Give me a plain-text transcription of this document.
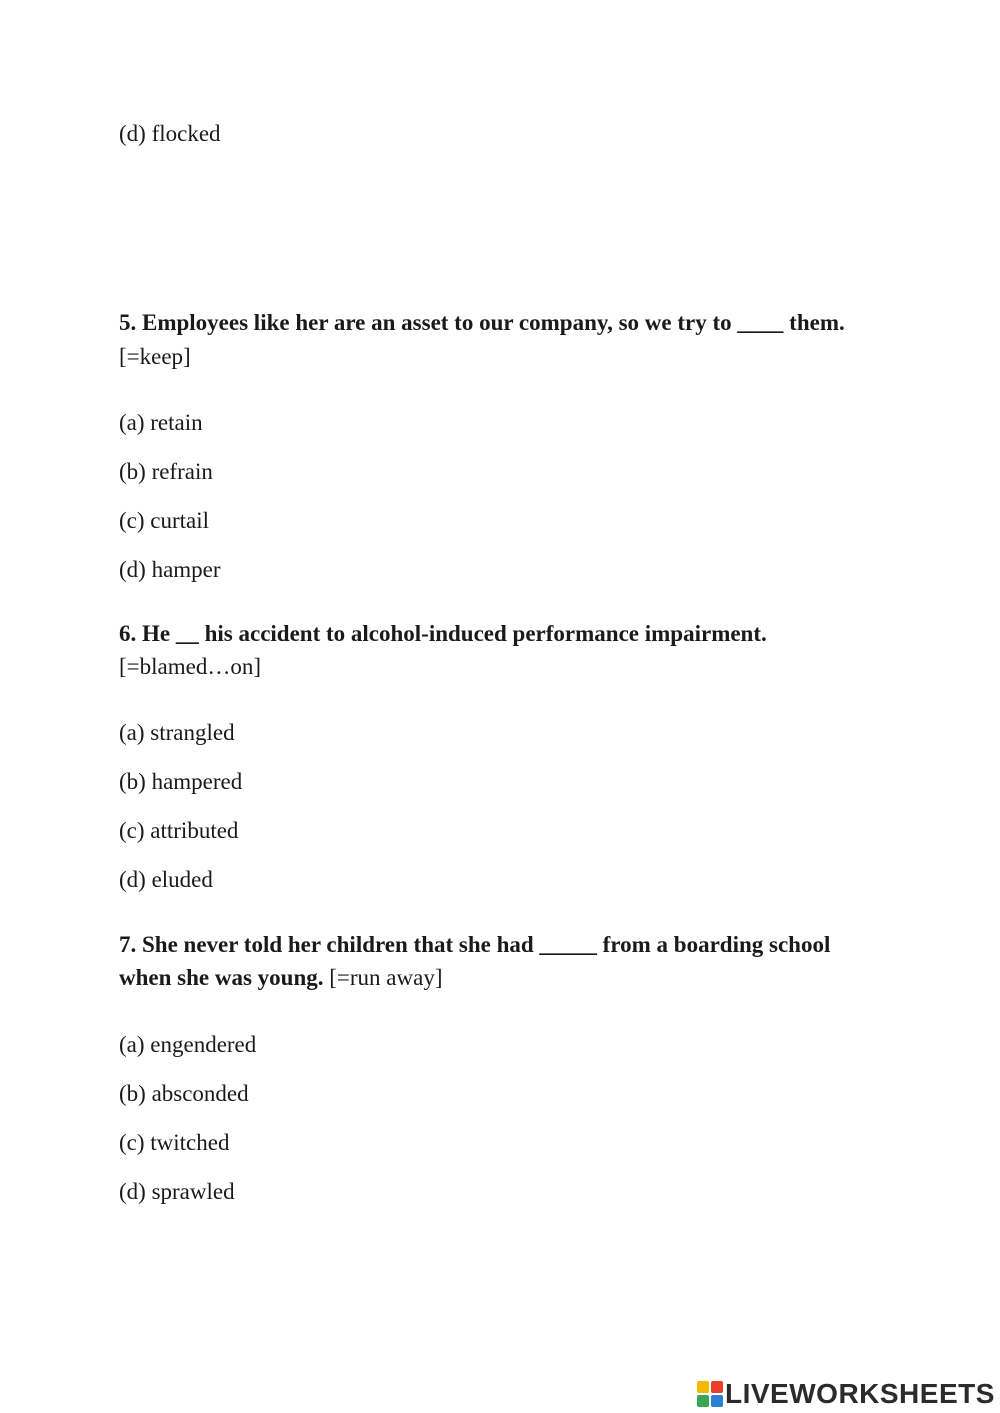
(d) flocked
5. Employees like her are an asset to our company, so we try to ____ them.
[=keep]
(a) retain
(b) refrain
(c) curtail
(d) hamper
6. He __ his accident to alcohol-induced performance impairment.
[=blamed…on]
(a) strangled
(b) hampered
(c) attributed
(d) eluded
7. She never told her children that she had _____ from a boarding school
when she was young. [=run away]
(a) engendered
(b) absconded
(c) twitched
(d) sprawled
LIVEWORKSHEETS
